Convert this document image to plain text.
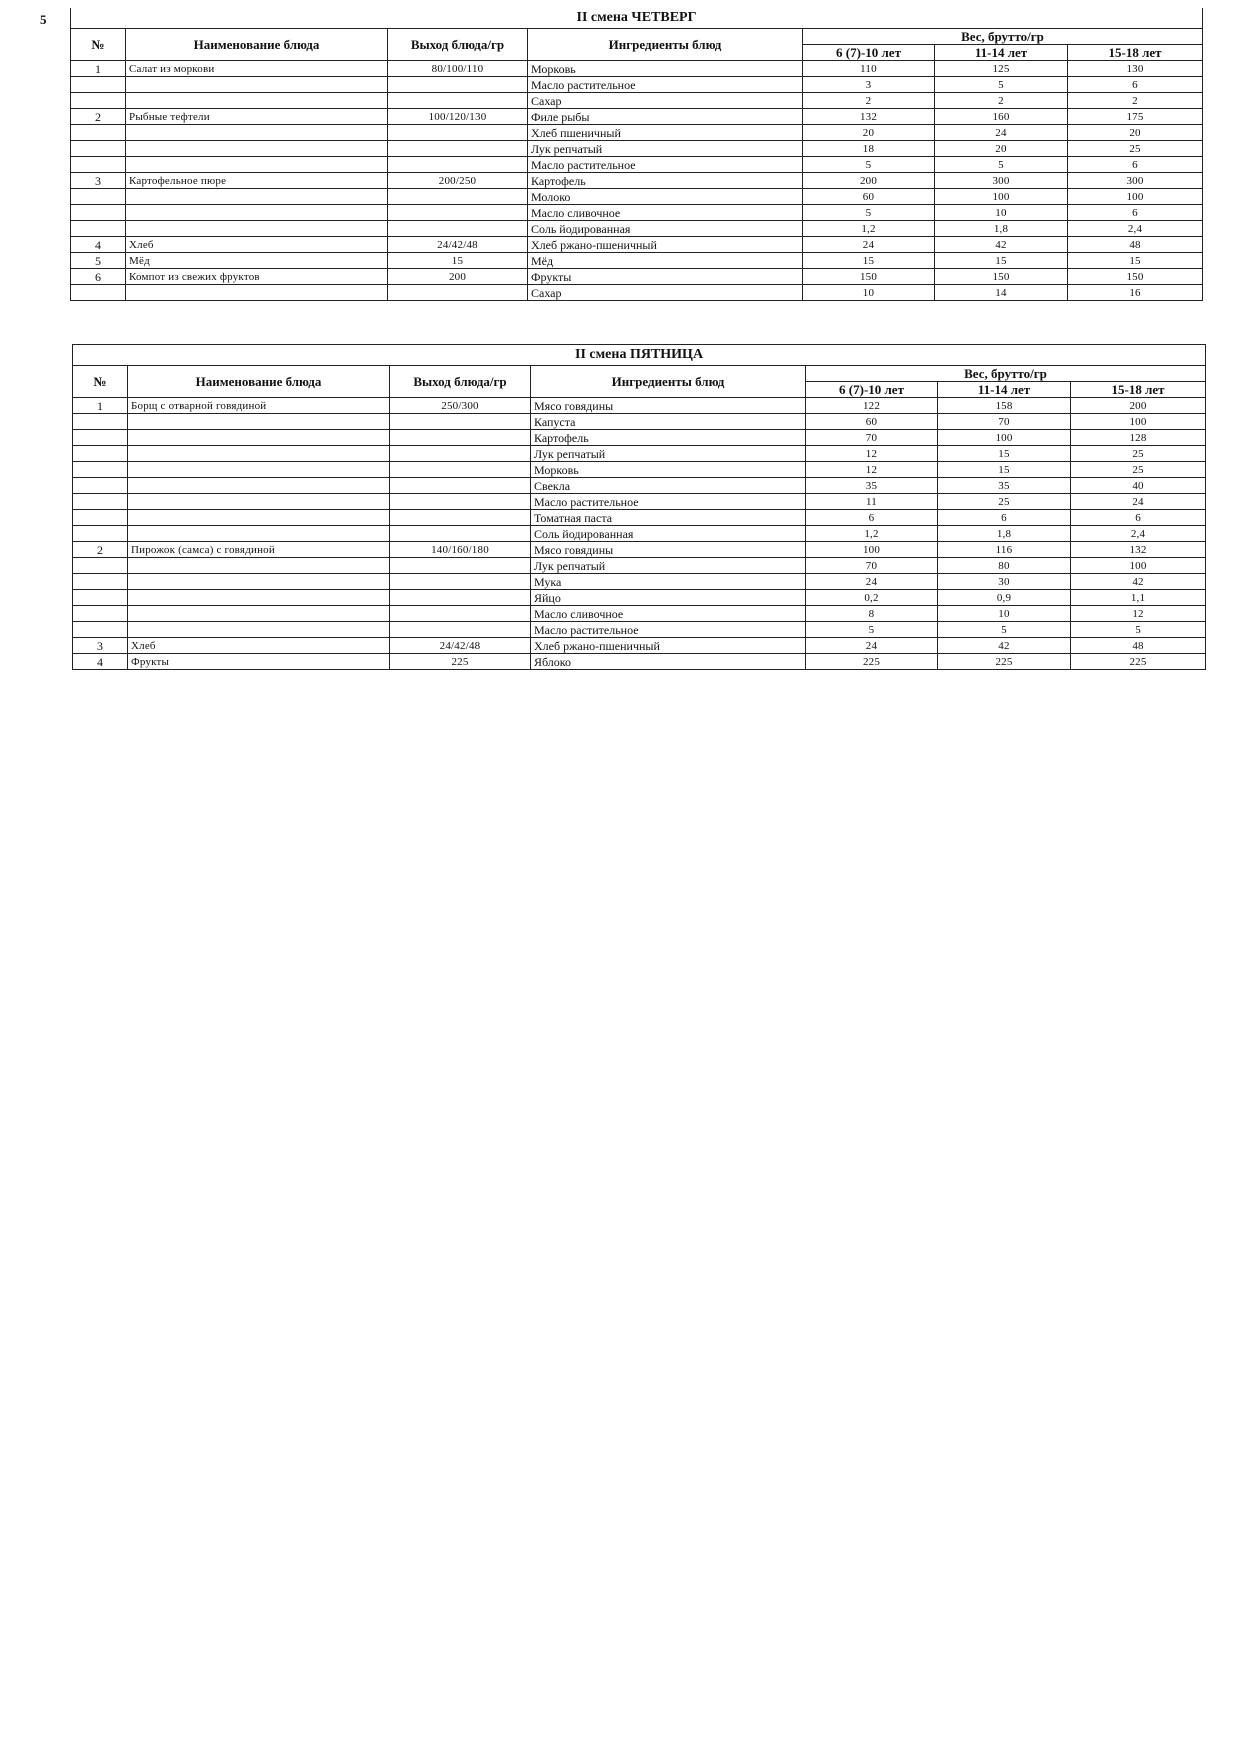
5	II смена ЧЕТВЕРГ						
№	Наименование блюда	Выход блюда/гр	Ингредиенты блюд	Вес, брутто/гр		
				6 (7)-10 лет	11-14 лет	15-18 лет
1	Салат из моркови	80/100/110	Морковь	110	125	130
			Масло растительное	3	5	6
			Сахар	2	2	2
2	Рыбные тефтели	100/120/130	Филе рыбы	132	160	175
			Хлеб пшеничный	20	24	20
			Лук репчатый	18	20	25
			Масло растительное	5	5	6
3	Картофельное пюре	200/250	Картофель	200	300	300
			Молоко	60	100	100
			Масло сливочное	5	10	6
			Соль йодированная	1,2	1,8	2,4
4	Хлеб	24/42/48	Хлеб ржано-пшеничный	24	42	48
5	Мёд	15	Мёд	15	15	15
6	Компот из свежих фруктов	200	Фрукты	150	150	150
			Сахар	10	14	16
II смена ПЯТНИЦА						
№	Наименование блюда	Выход блюда/гр	Ингредиенты блюд	Вес, брутто/гр		
				6 (7)-10 лет	11-14 лет	15-18 лет
1	Борщ с отварной говядиной	250/300	Мясо говядины	122	158	200
			Капуста	60	70	100
			Картофель	70	100	128
			Лук репчатый	12	15	25
			Морковь	12	15	25
			Свекла	35	35	40
			Масло растительное	11	25	24
			Томатная паста	6	6	6
			Соль йодированная	1,2	1,8	2,4
2	Пирожок (самса) с говядиной	140/160/180	Мясо говядины	100	116	132
			Лук репчатый	70	80	100
			Мука	24	30	42
			Яйцо	0,2	0,9	1,1
			Масло сливочное	8	10	12
			Масло растительное	5	5	5
3	Хлеб	24/42/48	Хлеб ржано-пшеничный	24	42	48
4	Фрукты	225	Яблоко	225	225	225
